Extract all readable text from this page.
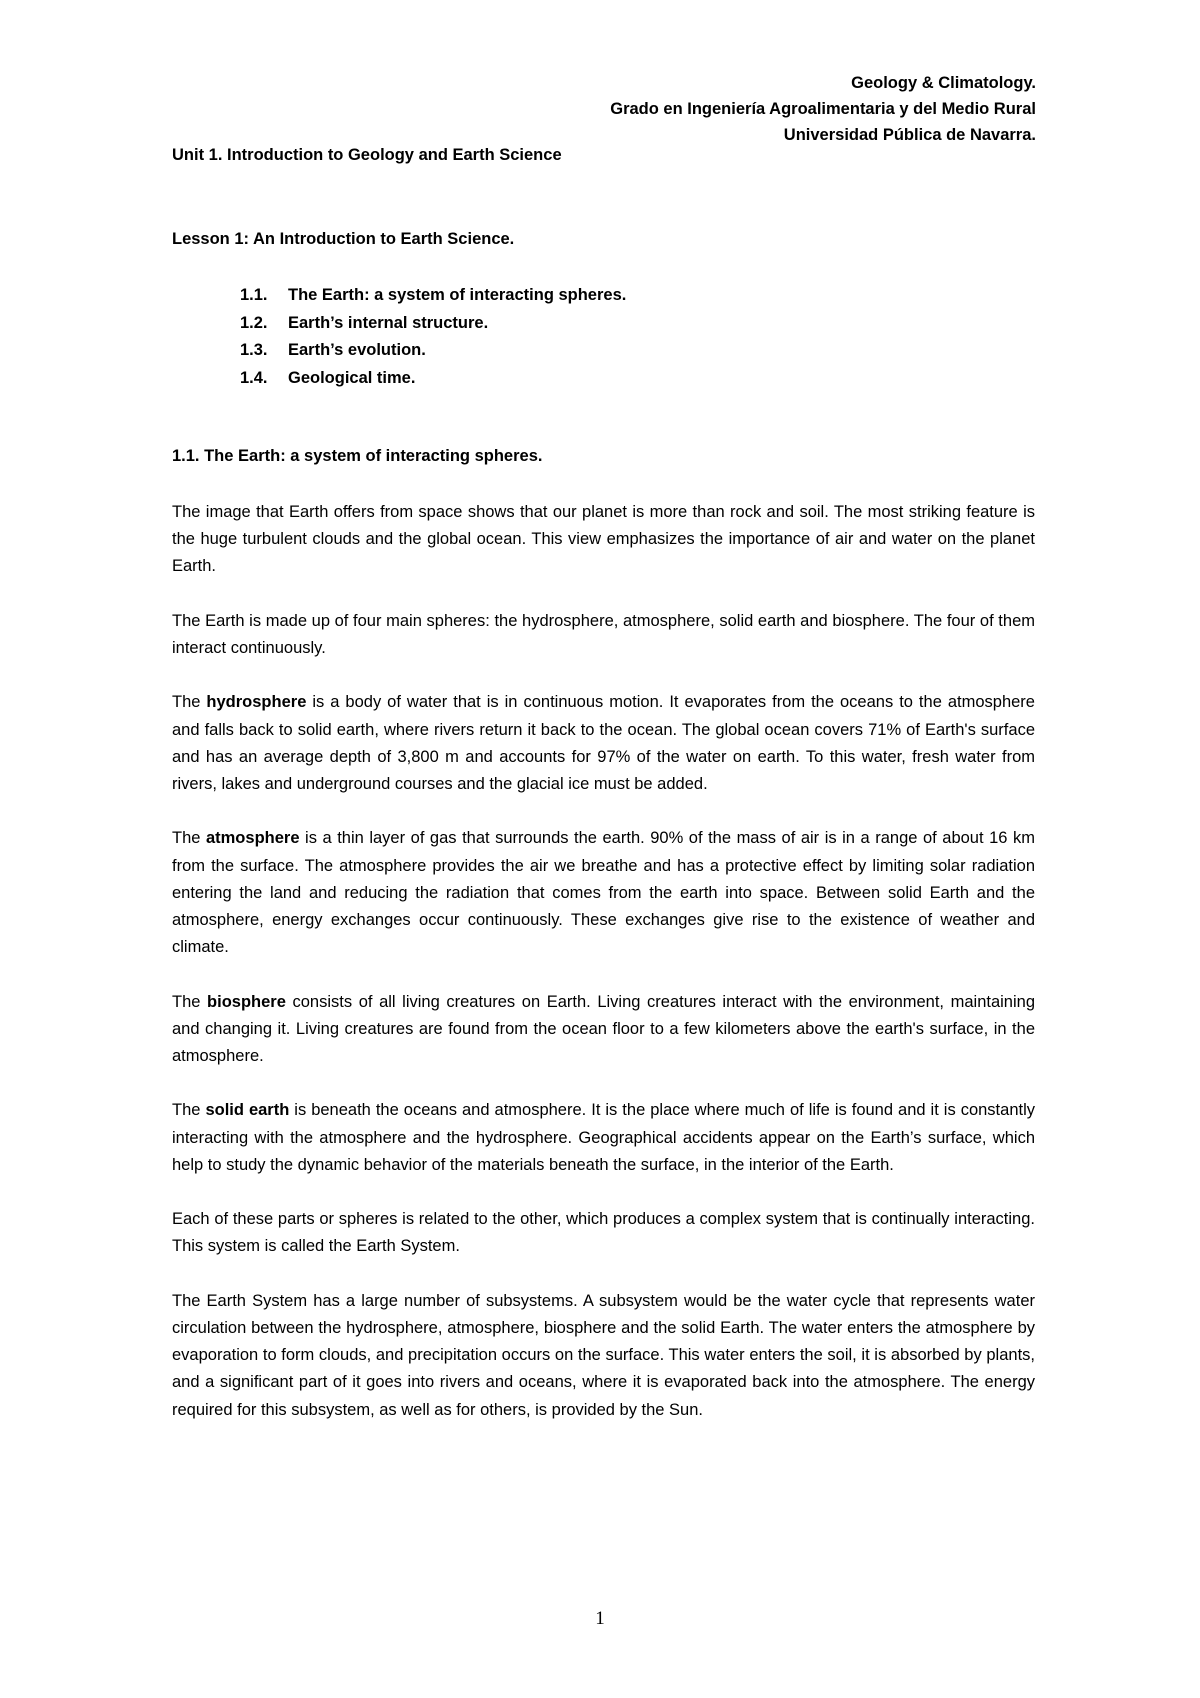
Geology & Climatology.
Grado en Ingeniería Agroalimentaria y del Medio Rural
Universidad Pública de Navarra.
Unit 1. Introduction to Geology and Earth Science
Lesson 1: An Introduction to Earth Science.
1.1. The Earth: a system of interacting spheres.
1.2. Earth’s internal structure.
1.3. Earth’s evolution.
1.4. Geological time.
1.1. The Earth: a system of interacting spheres.

The image that Earth offers from space shows that our planet is more than rock and soil. The most striking feature is the huge turbulent clouds and the global ocean. This view emphasizes the importance of air and water on the planet Earth.

The Earth is made up of four main spheres: the hydrosphere, atmosphere, solid earth and biosphere. The four of them interact continuously.

The hydrosphere is a body of water that is in continuous motion. It evaporates from the oceans to the atmosphere and falls back to solid earth, where rivers return it back to the ocean. The global ocean covers 71% of Earth's surface and has an average depth of 3,800 m and accounts for 97% of the water on earth. To this water, fresh water from rivers, lakes and underground courses and the glacial ice must be added.

The atmosphere is a thin layer of gas that surrounds the earth. 90% of the mass of air is in a range of about 16 km from the surface. The atmosphere provides the air we breathe and has a protective effect by limiting solar radiation entering the land and reducing the radiation that comes from the earth into space. Between solid Earth and the atmosphere, energy exchanges occur continuously. These exchanges give rise to the existence of weather and climate.

The biosphere consists of all living creatures on Earth. Living creatures interact with the environment, maintaining and changing it. Living creatures are found from the ocean floor to a few kilometers above the earth's surface, in the atmosphere.

The solid earth is beneath the oceans and atmosphere. It is the place where much of life is found and it is constantly interacting with the atmosphere and the hydrosphere. Geographical accidents appear on the Earth’s surface, which help to study the dynamic behavior of the materials beneath the surface, in the interior of the Earth.

Each of these parts or spheres is related to the other, which produces a complex system that is continually interacting. This system is called the Earth System.

The Earth System has a large number of subsystems. A subsystem would be the water cycle that represents water circulation between the hydrosphere, atmosphere, biosphere and the solid Earth. The water enters the atmosphere by evaporation to form clouds, and precipitation occurs on the surface. This water enters the soil, it is absorbed by plants, and a significant part of it goes into rivers and oceans, where it is evaporated back into the atmosphere. The energy required for this subsystem, as well as for others, is provided by the Sun.

1
